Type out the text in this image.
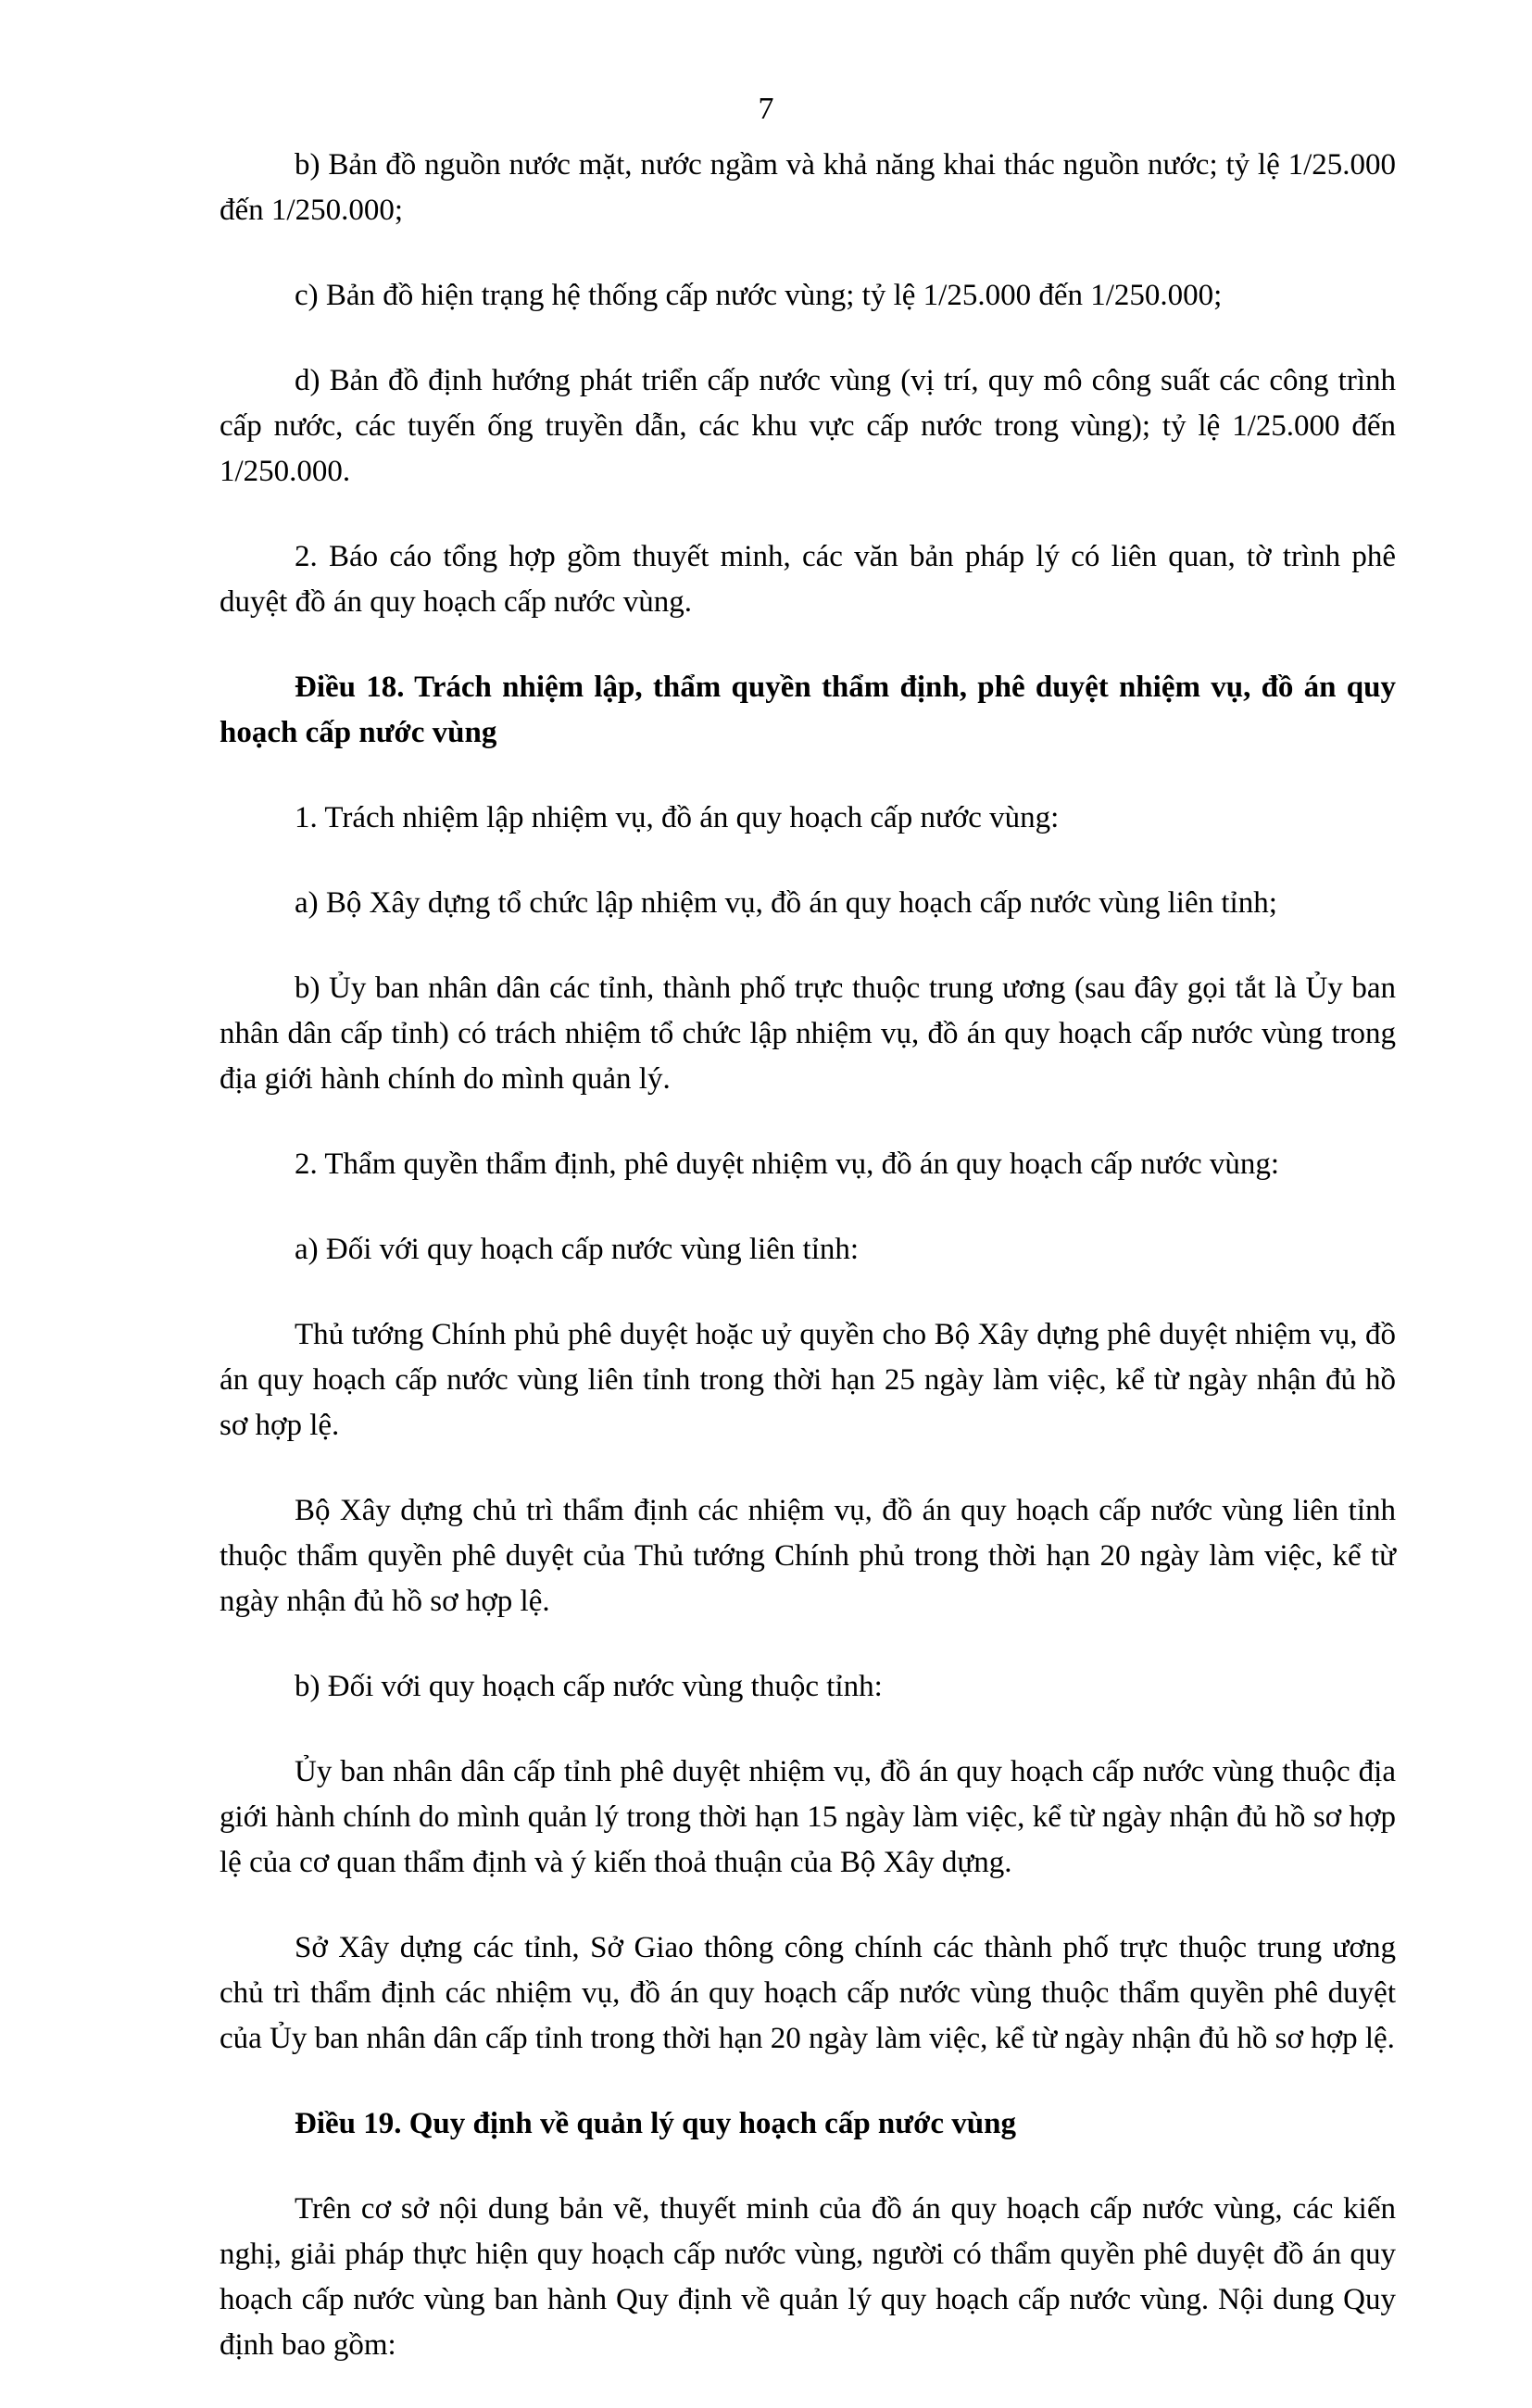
7

b) Bản đồ nguồn nước mặt, nước ngầm và khả năng khai thác nguồn nước; tỷ lệ 1/25.000 đến 1/250.000;

c) Bản đồ hiện trạng hệ thống cấp nước vùng; tỷ lệ 1/25.000 đến 1/250.000;

d) Bản đồ định hướng phát triển cấp nước vùng (vị trí, quy mô công suất các công trình cấp nước, các tuyến ống truyền dẫn, các khu vực cấp nước trong vùng); tỷ lệ 1/25.000 đến 1/250.000.

2. Báo cáo tổng hợp gồm thuyết minh, các văn bản pháp lý có liên quan, tờ trình phê duyệt đồ án quy hoạch cấp nước vùng.

Điều 18. Trách nhiệm lập, thẩm quyền thẩm định, phê duyệt nhiệm vụ, đồ án quy hoạch cấp nước vùng

1. Trách nhiệm lập nhiệm vụ, đồ án quy hoạch cấp nước vùng:

a) Bộ Xây dựng tổ chức lập nhiệm vụ, đồ án quy hoạch cấp nước vùng liên tỉnh;

b) Ủy ban nhân dân các tỉnh, thành phố trực thuộc trung ương (sau đây gọi tắt là Ủy ban nhân dân cấp tỉnh) có trách nhiệm tổ chức lập nhiệm vụ, đồ án quy hoạch cấp nước vùng trong địa giới hành chính do mình quản lý.

2. Thẩm quyền thẩm định, phê duyệt nhiệm vụ, đồ án quy hoạch cấp nước vùng:

a) Đối với quy hoạch cấp nước vùng liên tỉnh:

Thủ tướng Chính phủ phê duyệt hoặc uỷ quyền cho Bộ Xây dựng phê duyệt nhiệm vụ, đồ án quy hoạch cấp nước vùng liên tỉnh trong thời hạn 25 ngày làm việc, kể từ ngày nhận đủ hồ sơ hợp lệ.

Bộ Xây dựng chủ trì thẩm định các nhiệm vụ, đồ án quy hoạch cấp nước vùng liên tỉnh thuộc thẩm quyền phê duyệt của Thủ tướng Chính phủ trong thời hạn 20 ngày làm việc, kể từ ngày nhận đủ hồ sơ hợp lệ.

b) Đối với quy hoạch cấp nước vùng thuộc tỉnh:

Ủy ban nhân dân cấp tỉnh phê duyệt nhiệm vụ, đồ án quy hoạch cấp nước vùng thuộc địa giới hành chính do mình quản lý trong thời hạn 15 ngày làm việc, kể từ ngày nhận đủ hồ sơ hợp lệ của cơ quan thẩm định và ý kiến thoả thuận của Bộ Xây dựng.

Sở Xây dựng các tỉnh, Sở Giao thông công chính các thành phố trực thuộc trung ương chủ trì thẩm định các nhiệm vụ, đồ án quy hoạch cấp nước vùng thuộc thẩm quyền phê duyệt của Ủy ban nhân dân cấp tỉnh trong thời hạn 20 ngày làm việc, kể từ ngày nhận đủ hồ sơ hợp lệ.

Điều 19. Quy định về quản lý quy hoạch cấp nước vùng

Trên cơ sở nội dung bản vẽ, thuyết minh của đồ án quy hoạch cấp nước vùng, các kiến nghị, giải pháp thực hiện quy hoạch cấp nước vùng, người có thẩm quyền phê duyệt đồ án quy hoạch cấp nước vùng ban hành Quy định về quản lý quy hoạch cấp nước vùng. Nội dung Quy định bao gồm:
